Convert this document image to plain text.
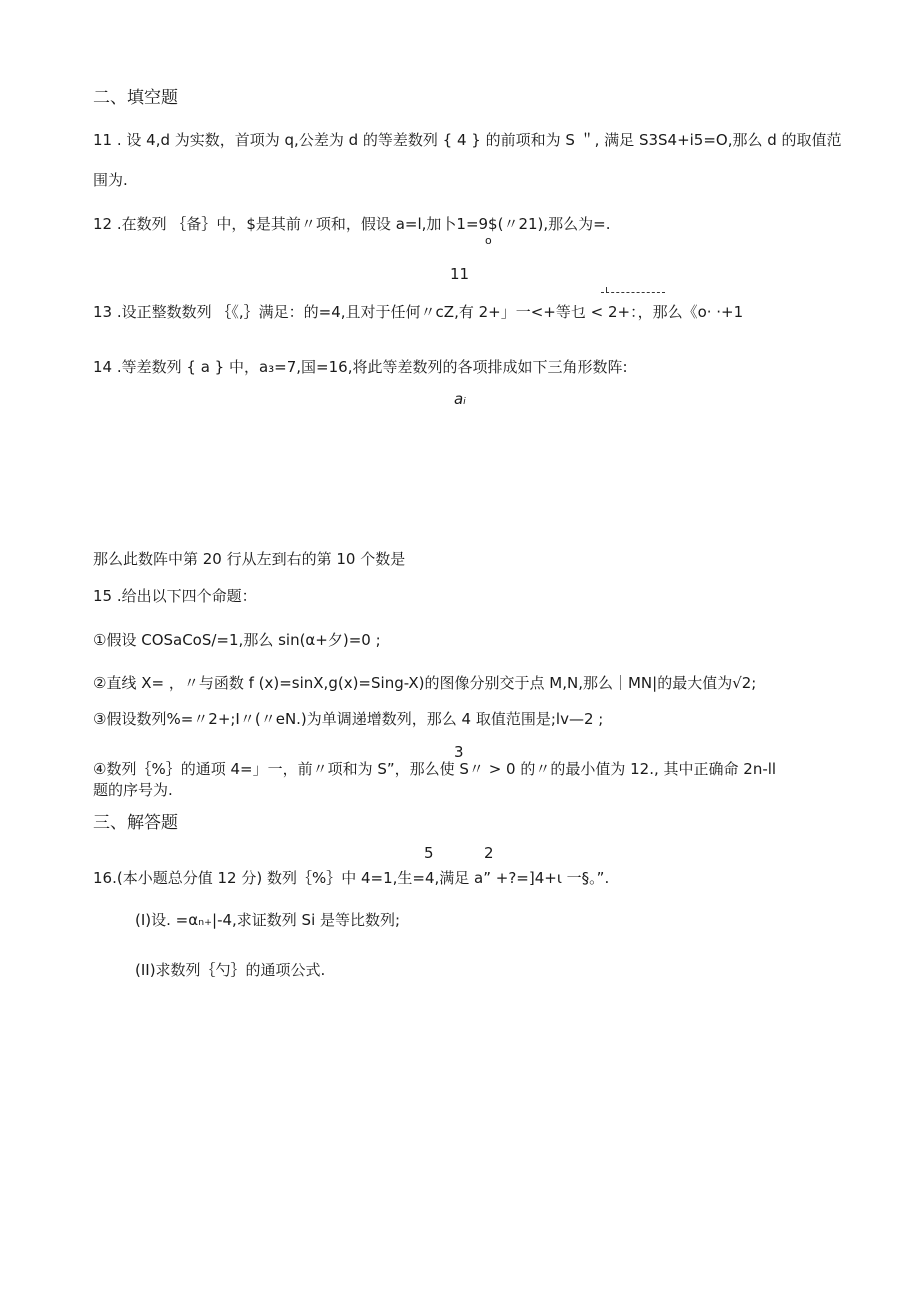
二、填空题
11 . 设 4,d 为实数，首项为 q,公差为 d 的等差数列 { 4 } 的前项和为 S ＂, 满足 S3S4+i5=O,那么 d 的取值范
围为.
12 .在数列 ｛备｝中，$是其前〃项和，假设 a=l,加卜1=9$(〃21),那么为=.
o
11
13 .设正整数数列 ｛《,｝满足：的=4,且对于任何〃cZ,有 2+」一<+等乜 < 2+：，那么《o· ·+1
14 .等差数列 { a } 中，a₃=7,国=16,将此等差数列的各项排成如下三角形数阵:
aᵢ
那么此数阵中第 20 行从左到右的第 10 个数是
15 .给出以下四个命题：
①假设 COSaCoS/=1,那么 sin(α+夕)=0 ;
②直线 X= ，〃与函数 f (x)=sinX,g(x)=Sing-X)的图像分别交于点 M,N,那么｜MN|的最大值为√2;
③假设数列%=〃2+;I〃(〃eN.)为单调递增数列，那么 4 取值范围是;lv—2 ;
3
④数列｛%｝的通项 4=」一，前〃项和为 S”，那么使 S〃 > 0 的〃的最小值为 12., 其中正确命 2n-ll
题的序号为.
三、解答题
5	2
16.(本小题总分值 12 分) 数列｛%｝中 4=1,生=4,满足 a” +?=]4+ι 一§。”.
(I)设. =αₙ₊|-4,求证数列 Si 是等比数列;
(II)求数列｛勺｝的通项公式.
